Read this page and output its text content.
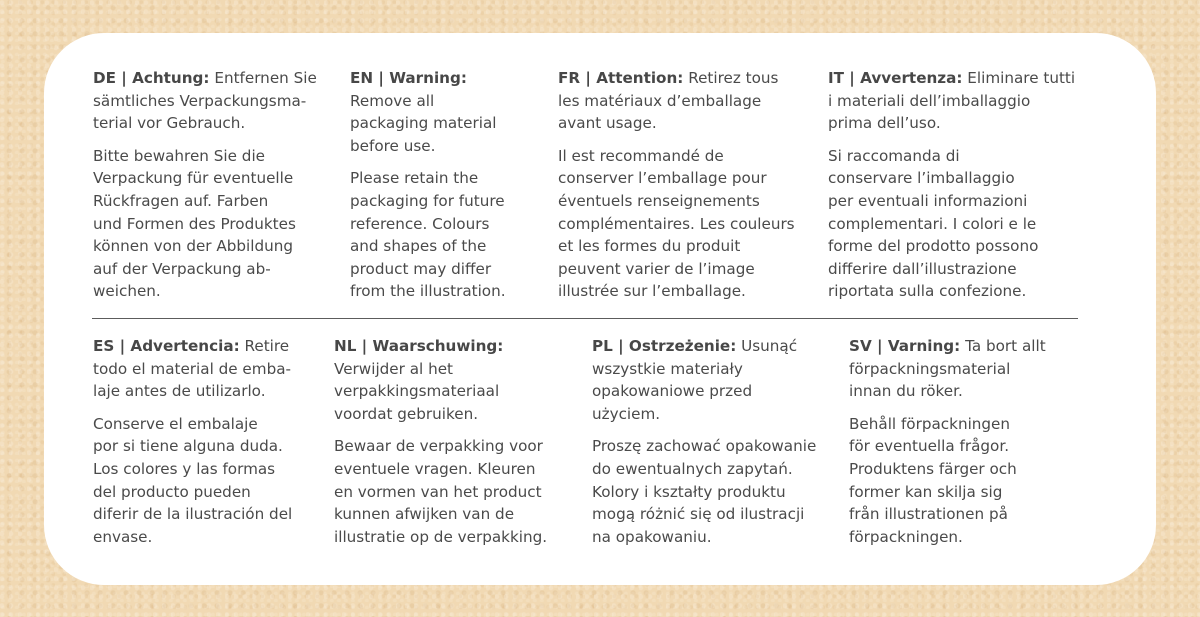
DE | Achtung: Entfernen Sie
sämtliches Verpackungsma-
terial vor Gebrauch.

Bitte bewahren Sie die
Verpackung für eventuelle
Rückfragen auf. Farben
und Formen des Produktes
können von der Abbildung
auf der Verpackung ab-
weichen.

EN | Warning:
Remove all
packaging material
before use.

Please retain the
packaging for future
reference. Colours
and shapes of the
product may differ
from the illustration.

FR | Attention: Retirez tous
les matériaux d’emballage
avant usage.

Il est recommandé de
conserver l’emballage pour
éventuels renseignements
complémentaires. Les couleurs
et les formes du produit
peuvent varier de l’image
illustrée sur l’emballage.

IT | Avvertenza: Eliminare tutti
i materiali dell’imballaggio
prima dell’uso.

Si raccomanda di
conservare l’imballaggio
per eventuali informazioni
complementari. I colori e le
forme del prodotto possono
differire dall’illustrazione
riportata sulla confezione.

ES | Advertencia: Retire
todo el material de emba-
laje antes de utilizarlo.

Conserve el embalaje
por si tiene alguna duda.
Los colores y las formas
del producto pueden
diferir de la ilustración del
envase.

NL | Waarschuwing:
Verwijder al het
verpakkingsmateriaal
voordat gebruiken.

Bewaar de verpakking voor
eventuele vragen. Kleuren
en vormen van het product
kunnen afwijken van de
illustratie op de verpakking.

PL | Ostrzeżenie: Usunąć
wszystkie materiały
opakowaniowe przed
użyciem.

Proszę zachować opakowanie
do ewentualnych zapytań.
Kolory i kształty produktu
mogą różnić się od ilustracji
na opakowaniu.

SV | Varning: Ta bort allt
förpackningsmaterial
innan du röker.

Behåll förpackningen
för eventuella frågor.
Produktens färger och
former kan skilja sig
från illustrationen på
förpackningen.
